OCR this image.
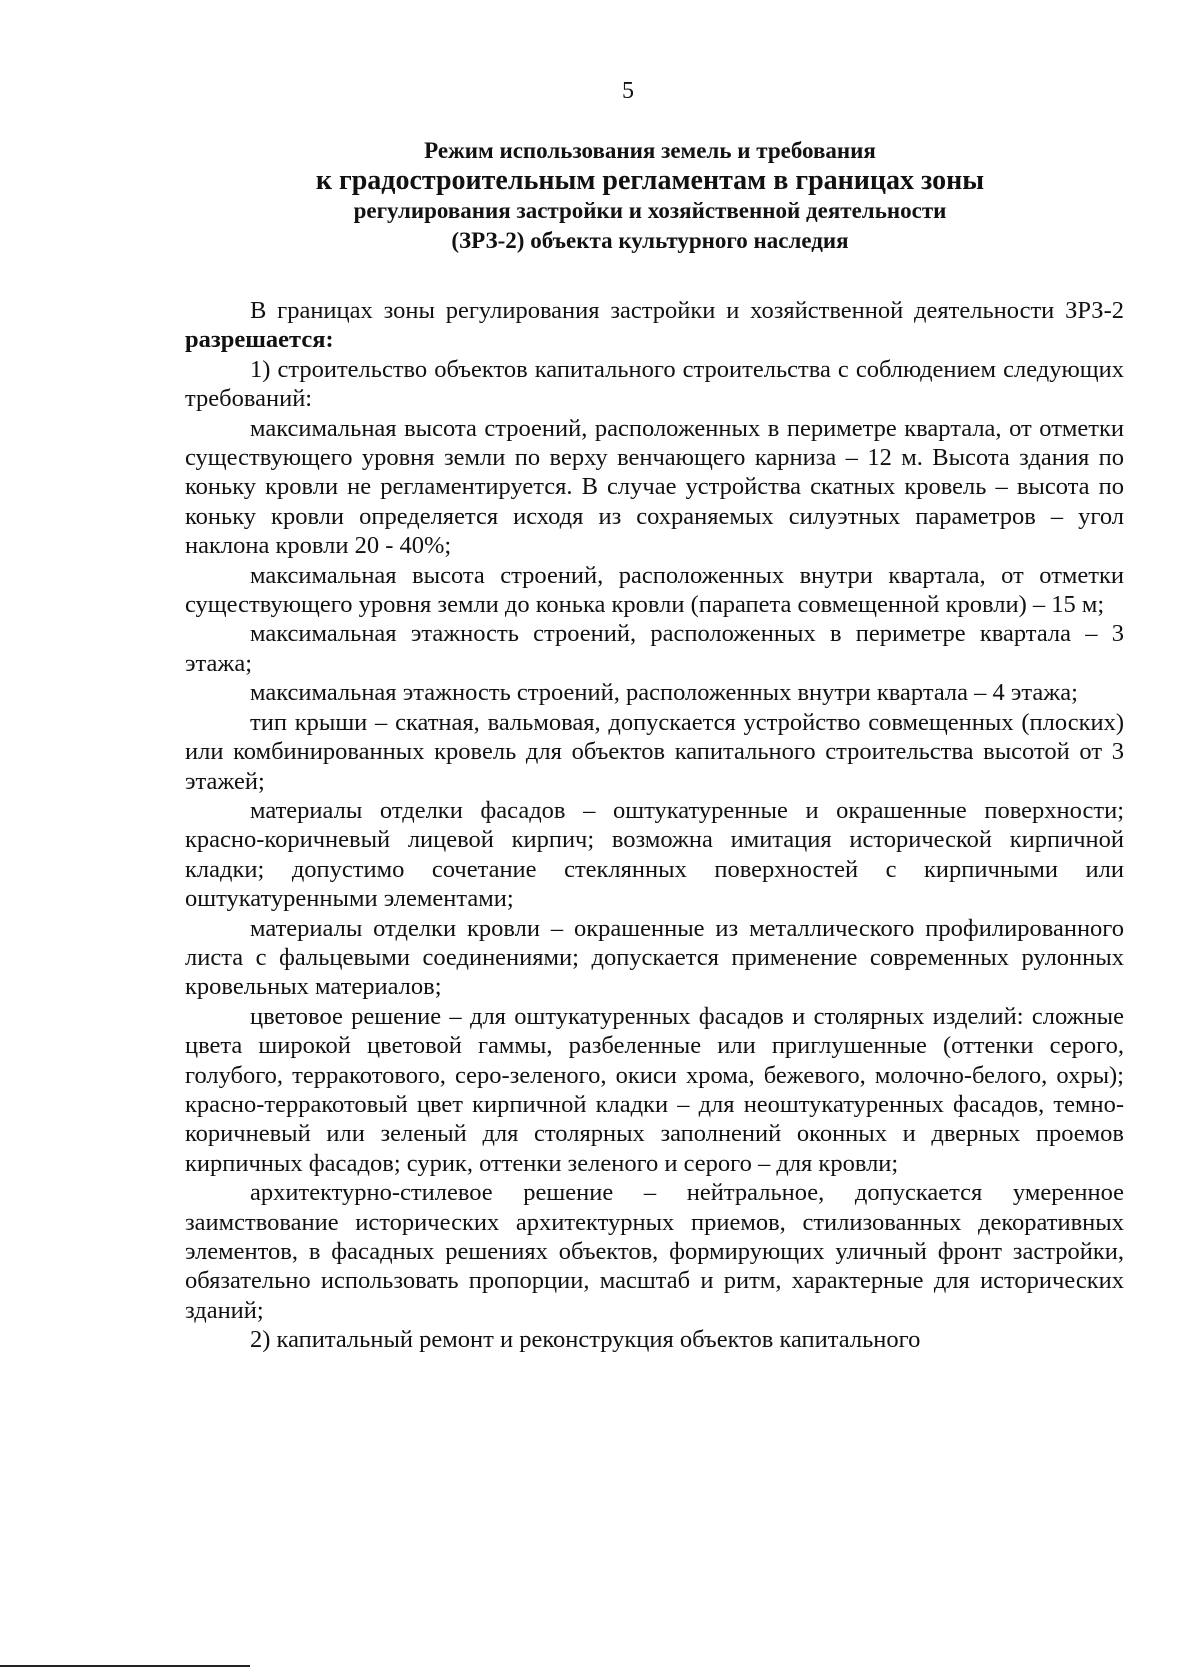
5
Режим использования земель и требования
к градостроительным регламентам в границах зоны
регулирования застройки и хозяйственной деятельности
(ЗРЗ-2) объекта культурного наследия

В границах зоны регулирования застройки и хозяйственной деятельности ЗРЗ-2 разрешается:

1) строительство объектов капитального строительства с соблюдением следующих требований:

максимальная высота строений, расположенных в периметре квартала, от отметки существующего уровня земли по верху венчающего карниза – 12 м. Высота здания по коньку кровли не регламентируется. В случае устройства скатных кровель – высота по коньку кровли определяется исходя из сохраняемых силуэтных параметров – угол наклона кровли 20 - 40%;

максимальная высота строений, расположенных внутри квартала, от отметки существующего уровня земли до конька кровли (парапета совмещенной кровли) – 15 м;

максимальная этажность строений, расположенных в периметре квартала – 3 этажа;

максимальная этажность строений, расположенных внутри квартала – 4 этажа;

тип крыши – скатная, вальмовая, допускается устройство совмещенных (плоских) или комбинированных кровель для объектов капитального строительства высотой от 3 этажей;

материалы отделки фасадов – оштукатуренные и окрашенные поверхности; красно-коричневый лицевой кирпич; возможна имитация исторической кирпичной кладки; допустимо сочетание стеклянных поверхностей с кирпичными или оштукатуренными элементами;

материалы отделки кровли – окрашенные из металлического профилированного листа с фальцевыми соединениями; допускается применение современных рулонных кровельных материалов;

цветовое решение – для оштукатуренных фасадов и столярных изделий: сложные цвета широкой цветовой гаммы, разбеленные или приглушенные (оттенки серого, голубого, терракотового, серо-зеленого, окиси хрома, бежевого, молочно-белого, охры); красно-терракотовый цвет кирпичной кладки – для неоштукатуренных фасадов, темно-коричневый или зеленый для столярных заполнений оконных и дверных проемов кирпичных фасадов; сурик, оттенки зеленого и серого – для кровли;

архитектурно-стилевое решение – нейтральное, допускается умеренное заимствование исторических архитектурных приемов, стилизованных декоративных элементов, в фасадных решениях объектов, формирующих уличный фронт застройки, обязательно использовать пропорции, масштаб и ритм, характерные для исторических зданий;

2) капитальный ремонт и реконструкция объектов капитального
